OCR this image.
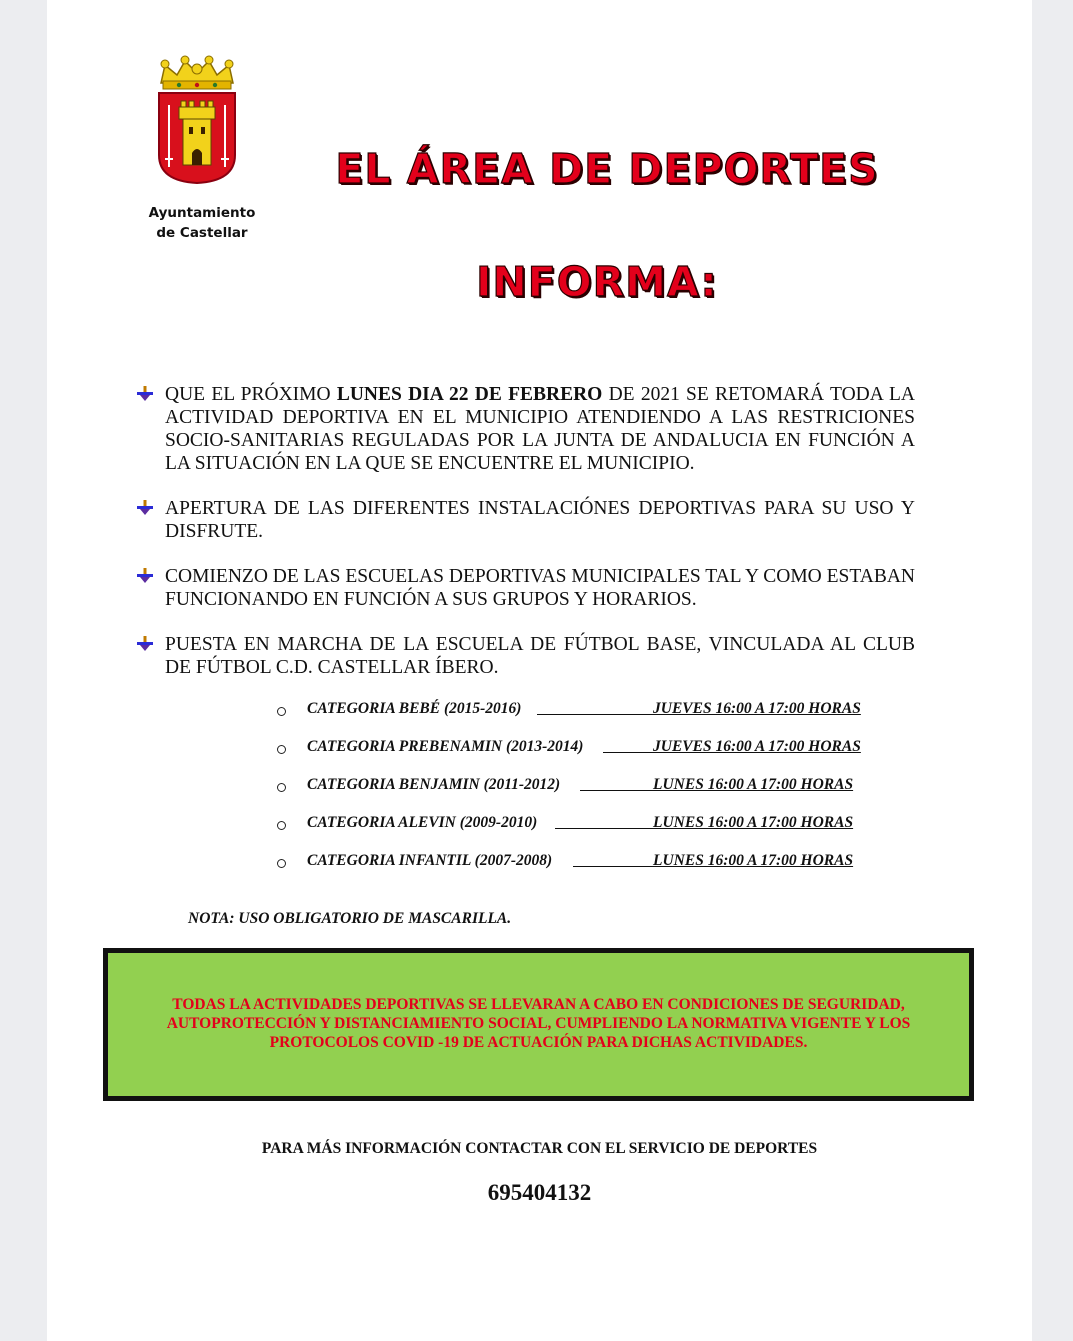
Ayuntamiento
de Castellar
EL ÁREA DE DEPORTES
INFORMA:
QUE EL PRÓXIMO LUNES DIA 22 DE FEBRERO DE 2021 SE RETOMARÁ TODA LA ACTIVIDAD DEPORTIVA EN EL MUNICIPIO ATENDIENDO A LAS RESTRICIONES SOCIO-SANITARIAS REGULADAS POR LA JUNTA DE ANDALUCIA EN FUNCIÓN A LA SITUACIÓN EN LA QUE SE ENCUENTRE EL MUNICIPIO.
APERTURA DE LAS DIFERENTES INSTALACIÓNES DEPORTIVAS PARA SU USO Y DISFRUTE.
COMIENZO DE LAS ESCUELAS DEPORTIVAS MUNICIPALES TAL Y COMO ESTABAN FUNCIONANDO EN FUNCIÓN A SUS GRUPOS Y HORARIOS.
PUESTA EN MARCHA DE LA ESCUELA DE FÚTBOL BASE, VINCULADA AL CLUB DE FÚTBOL C.D. CASTELLAR ÍBERO.
CATEGORIA BEBÉ (2015-2016)	JUEVES 16:00 A 17:00 HORAS
CATEGORIA PREBENAMIN (2013-2014)	JUEVES 16:00 A 17:00 HORAS
CATEGORIA BENJAMIN (2011-2012)	LUNES 16:00 A 17:00 HORAS
CATEGORIA ALEVIN (2009-2010)	LUNES 16:00 A 17:00 HORAS
CATEGORIA INFANTIL (2007-2008)	LUNES 16:00 A 17:00 HORAS
NOTA: USO OBLIGATORIO DE MASCARILLA.

TODAS LA ACTIVIDADES DEPORTIVAS SE LLEVARAN A CABO EN CONDICIONES DE SEGURIDAD, AUTOPROTECCIÓN Y DISTANCIAMIENTO SOCIAL, CUMPLIENDO LA NORMATIVA VIGENTE Y LOS PROTOCOLOS COVID -19 DE ACTUACIÓN PARA DICHAS ACTIVIDADES.

PARA MÁS INFORMACIÓN CONTACTAR CON EL SERVICIO DE DEPORTES
695404132
